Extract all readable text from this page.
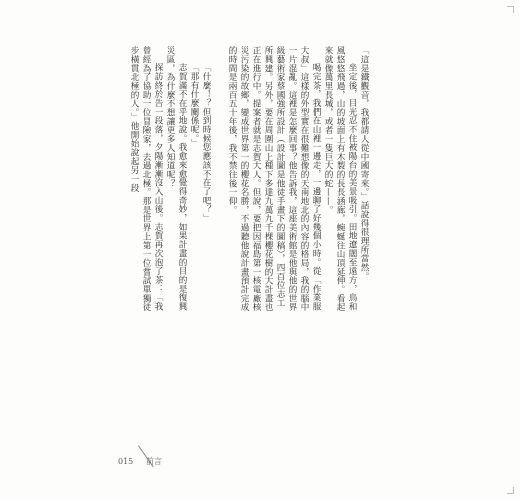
「這是鐵觀音，我都請人從中國寄來。」話說得很理所當然。

坐定後，目光忍不住被陽台的美景吸引。田地遼闊至遠方，鳥和風悠悠飛過，山的坡面上有木製的長長涵廊，蜿蜒往山頂延伸。看起來就像萬里長城，或者一隻巨大的蛇——。

喝完茶，我們在山裡一邊走，一邊聊了好幾個小時。從「作業服大叔」這樣的外型實在很難想像的天南地北的內容的格局，我的腦中一片混亂。這裡是怎麼回事？他告訴我，這座美術館是他與他的世界級藝術家蔡國強所設計（設計圖是他徒手畫下的圖稿），四百位志工所興建。另外，要在周圍山上種下多達九萬九千棵櫻花樹的大計畫也正在進行中。提案者就是志賀大人。但說，要把因福島第一核電廠核災污染的故鄉，變成世界第一的櫻花名勝，不過聽他說計畫預計完成的時間是兩百五十年後，我不禁往後一仰。

「什麼！？但到時候您應該不在了吧？」

「那有什麼關係呢。」

志賀滿不在乎地說。我愈來愈覺得奇妙，如果計畫的目的是復興災區，為什麼不想讓更多人知道呢？

探訪終於告一段落，夕陽漸漸沒入山後。志賀再次泡了茶：「我曾經為了協助一位冒險家，去過北極。那是世界上第一位嘗試單獨徒步橫貫北極的人。」他開始說起另一段

015 前言
